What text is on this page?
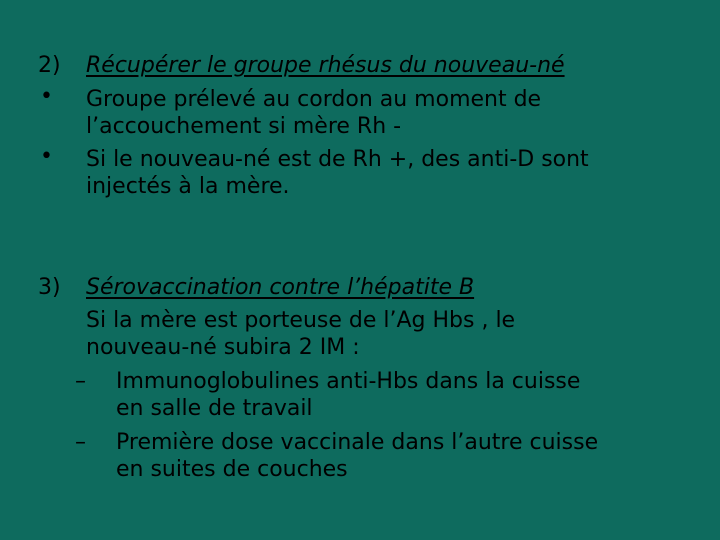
2) Récupérer le groupe rhésus du nouveau-né
• Groupe prélevé au cordon au moment de
l’accouchement si mère Rh -
• Si le nouveau-né est de Rh +, des anti-D sont
injectés à la mère.
3) Sérovaccination contre l’hépatite B
Si la mère est porteuse de l’Ag Hbs , le
nouveau-né subira 2 IM :
– Immunoglobulines anti-Hbs dans la cuisse
en salle de travail
– Première dose vaccinale dans l’autre cuisse
en suites de couches
